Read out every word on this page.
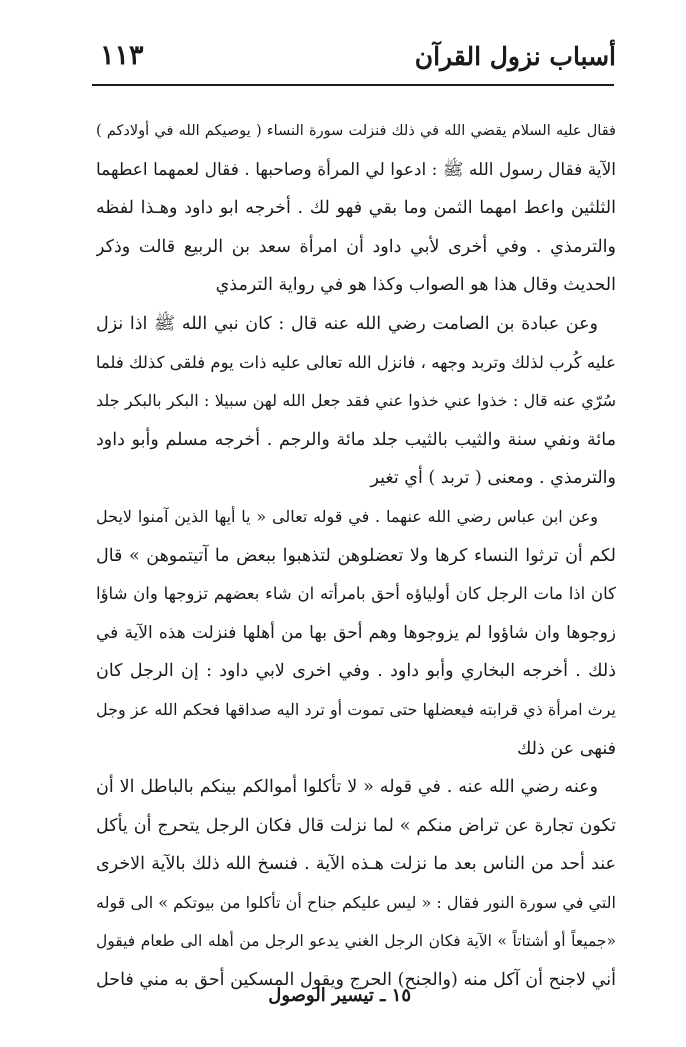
أسباب نزول القرآن
١١٣
فقال عليه السلام يقضي الله في ذلك فنزلت سورة النساء ( يوصيكم الله في أولادكم )
الآية فقال رسول الله ﷺ : ادعوا لي المرأة وصاحبها . فقال لعمهما اعطهما
الثلثين واعط امهما الثمن وما بقي فهو لك . أخرجه ابو داود وهـذا لفظه
والترمذي . وفي أخرى لأبي داود أن امرأة سعد بن الربيع قالت وذكر
الحديث وقال هذا هو الصواب وكذا هو في رواية الترمذي
وعن عبادة بن الصامت رضي الله عنه قال : كان نبي الله ﷺ اذا نزل
عليه كُرب لذلك وتربد وجهه ، فانزل الله تعالى عليه ذات يوم فلقى كذلك فلما
سُرّي عنه قال : خذوا عني خذوا عني فقد جعل الله لهن سبيلا : البكر بالبكر جلد
مائة ونفي سنة والثيب بالثيب جلد مائة والرجم . أخرجه مسلم وأبو داود
والترمذي . ومعنى ( تربد ) أي تغير
وعن ابن عباس رضي الله عنهما . في قوله تعالى « يا أيها الذين آمنوا لايحل
لكم أن ترثوا النساء كرها ولا تعضلوهن لتذهبوا ببعض ما آتيتموهن » قال
كان اذا مات الرجل كان أولياؤه أحق بامرأته ان شاء بعضهم تزوجها وان شاؤا
زوجوها وان شاؤوا لم يزوجوها وهم أحق بها من أهلها فنزلت هذه الآية في
ذلك . أخرجه البخاري وأبو داود . وفي اخرى لابي داود : إن الرجل كان
يرث امرأة ذي قرابته فيعضلها حتى تموت أو ترد اليه صداقها فحكم الله عز وجل
فنهى عن ذلك
وعنه رضي الله عنه . في قوله « لا تأكلوا أموالكم بينكم بالباطل الا أن
تكون تجارة عن تراض منكم » لما نزلت قال فكان الرجل يتحرج أن يأكل
عند أحد من الناس بعد ما نزلت هـذه الآية . فنسخ الله ذلك بالآية الاخرى
التي في سورة النور فقال : « ليس عليكم جناح أن تأكلوا من بيوتكم » الى قوله
«جميعاً أو أشتاتاً » الآية فكان الرجل الغني يدعو الرجل من أهله الى طعام فيقول
أني لاجنح أن آكل منه (والجنح) الحرج ويقول المسكين أحق به مني فاحل
١٥ ـ تيسير الوصول
